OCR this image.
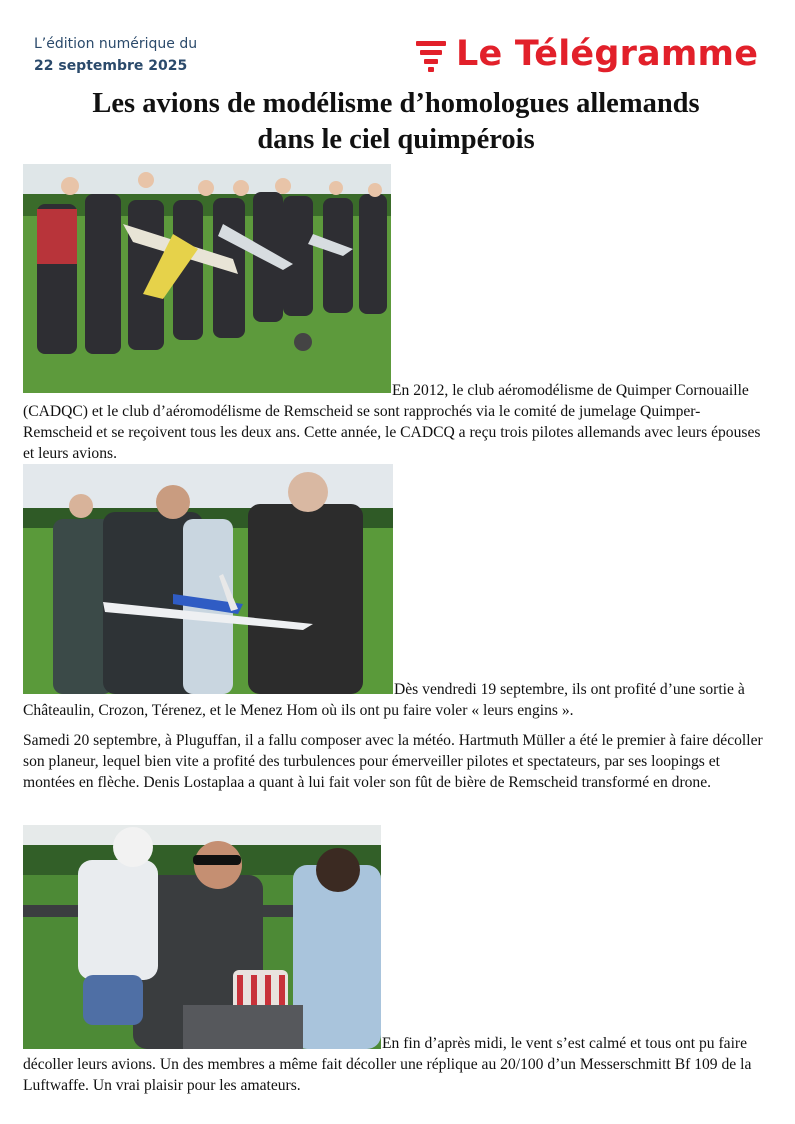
L’édition numérique du
22 septembre 2025	Le Télégramme
Les avions de modélisme d’homologues allemands
dans le ciel quimpérois

En 2012, le club aéromodélisme de Quimper Cornouaille (CADQC) et le club d’aéromodélisme de Remscheid se sont rapprochés via le comité de jumelage Quimper-Remscheid et se reçoivent tous les deux ans. Cette année, le CADCQ a reçu trois pilotes allemands avec leurs épouses et leurs avions.

Dès vendredi 19 septembre, ils ont profité d’une sortie à Châteaulin, Crozon, Térenez, et le Menez Hom où ils ont pu faire voler « leurs engins ».

Samedi 20 septembre, à Pluguffan, il a fallu composer avec la météo. Hartmuth Müller a été le premier à faire décoller son planeur, lequel bien vite a profité des turbulences pour émerveiller pilotes et spectateurs, par ses loopings et montées en flèche. Denis Lostaplaa a quant à lui fait voler son fût de bière de Remscheid transformé en drone.

En fin d’après midi, le vent s’est calmé et tous ont pu faire décoller leurs avions. Un des membres a même fait décoller une réplique au 20/100 d’un Messerschmitt Bf 109 de la Luftwaffe. Un vrai plaisir pour les amateurs.
